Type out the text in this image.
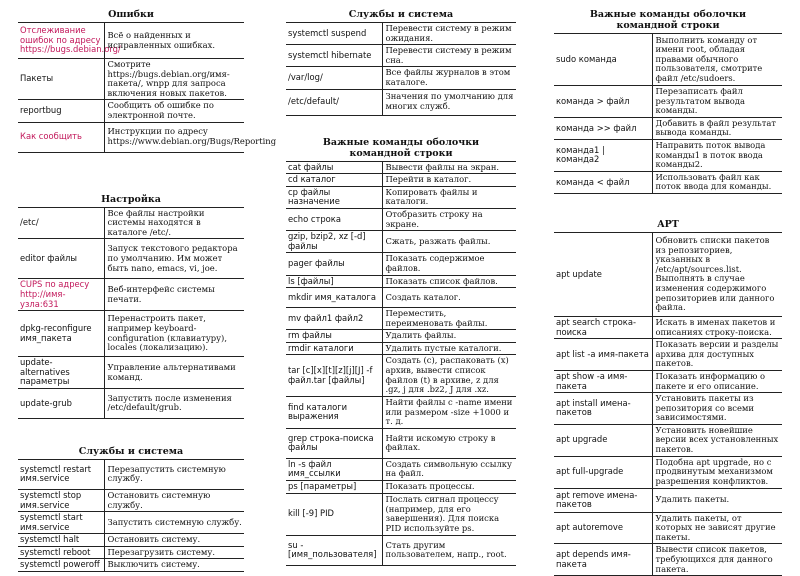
Ошибки
Отслеживание ошибок по адресу https://bugs.debian.org/	Всё о найденных и исправленных ошибках.
Пакеты	Смотрите https://bugs.debian.org/имя-пакета/, wnpp для запроса включения новых пакетов.
reportbug	Сообщить об ошибке по электронной почте.
Как сообщить	Инструкции по адресу https://www.debian.org/Bugs/Reporting
Настройка
/etc/	Все файлы настройки системы находятся в каталоге /etc/.
editor файлы	Запуск текстового редактора по умолчанию. Им может быть nano, emacs, vi, joe.
CUPS по адресу http://имя-узла:631	Веб-интерфейс системы печати.
dpkg-reconfigure имя_пакета	Перенастроить пакет, например keyboard-configuration (клавиатуру), locales (локализацию).
update-alternatives параметры	Управление альтернативами команд.
update-grub	Запустить после изменения /etc/default/grub.
Службы и система
systemctl restart имя.service	Перезапустить системную службу.
systemctl stop имя.service	Остановить системную службу.
systemctl start имя.service	Запустить системную службу.
systemctl halt	Остановить систему.
systemctl reboot	Перезагрузить систему.
systemctl poweroff	Выключить систему.
Службы и система
systemctl suspend	Перевести систему в режим ожидания.
systemctl hibernate	Перевести систему в режим сна.
/var/log/	Все файлы журналов в этом каталоге.
/etc/default/	Значения по умолчанию для многих служб.
Важные команды оболочки командной строки
cat файлы	Вывести файлы на экран.
cd каталог	Перейти в каталог.
cp файлы назначение	Копировать файлы и каталоги.
echo строка	Отобразить строку на экране.
gzip, bzip2, xz [-d] файлы	Сжать, разжать файлы.
pager файлы	Показать содержимое файлов.
ls [файлы]	Показать список файлов.
mkdir имя_каталога	Создать каталог.
mv файл1 файл2	Переместить, переименовать файлы.
rm файлы	Удалить файлы.
rmdir каталоги	Удалить пустые каталоги.
tar [c][x][t][z][j][J] -f файл.tar [файлы]	Создать (c), распаковать (x) архив, вывести список файлов (t) в архиве, z для .gz, j для .bz2, J для .xz.
find каталоги выражения	Найти файлы с -name имени или размером -size +1000 и т. д.
grep строка-поиска файлы	Найти искомую строку в файлах.
ln -s файл имя_ссылки	Создать символьную ссылку на файл.
ps [параметры]	Показать процессы.
kill [-9] PID	Послать сигнал процессу (например, для его завершения). Для поиска PID используйте ps.
su - [имя_пользователя]	Стать другим пользователем, напр., root.
Важные команды оболочки командной строки
sudo команда	Выполнить команду от имени root, обладая правами обычного пользователя, смотрите файл /etc/sudoers.
команда > файл	Перезаписать файл результатом вывода команды.
команда >> файл	Добавить в файл результат вывода команды.
команда1 | команда2	Направить поток вывода команды1 в поток ввода команды2.
команда < файл	Использовать файл как поток ввода для команды.
APT
apt update	Обновить списки пакетов из репозиториев, указанных в /etc/apt/sources.list. Выполнять в случае изменения содержимого репозиториев или данного файла.
apt search строка-поиска	Искать в именах пакетов и описаниях строку-поиска.
apt list -a имя-пакета	Показать версии и разделы архива для доступных пакетов.
apt show -a имя-пакета	Показать информацию о пакете и его описание.
apt install имена-пакетов	Установить пакеты из репозитория со всеми зависимостями.
apt upgrade	Установить новейшие версии всех установленных пакетов.
apt full-upgrade	Подобна apt upgrade, но с продвинутым механизмом разрешения конфликтов.
apt remove имена-пакетов	Удалить пакеты.
apt autoremove	Удалить пакеты, от которых не зависят другие пакеты.
apt depends имя-пакета	Вывести список пакетов, требующихся для данного пакета.
